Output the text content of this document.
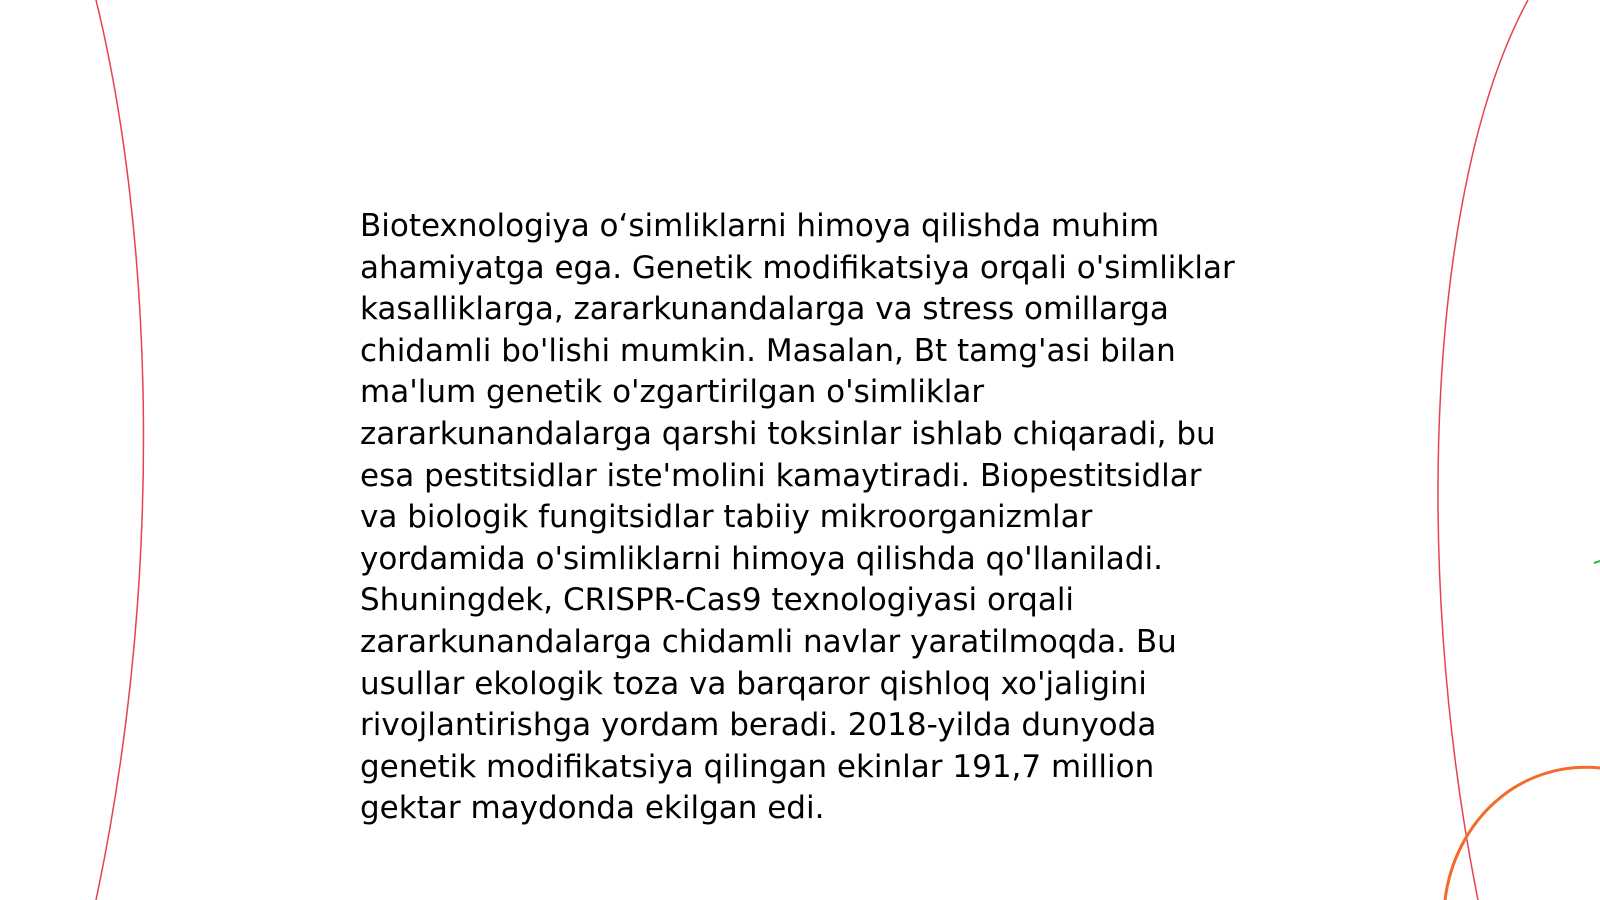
Biotexnologiya o‘simliklarni himoya qilishda muhim ahamiyatga ega. Genetik modifikatsiya orqali o'simliklar kasalliklarga, zararkunandalarga va stress omillarga chidamli bo'lishi mumkin. Masalan, Bt tamg'asi bilan ma'lum genetik o'zgartirilgan o'simliklar zararkunandalarga qarshi toksinlar ishlab chiqaradi, bu esa pestitsidlar iste'molini kamaytiradi. Biopestitsidlar va biologik fungitsidlar tabiiy mikroorganizmlar yordamida o'simliklarni himoya qilishda qo'llaniladi. Shuningdek, CRISPR-Cas9 texnologiyasi orqali zararkunandalarga chidamli navlar yaratilmoqda. Bu usullar ekologik toza va barqaror qishloq xo'jaligini rivojlantirishga yordam beradi. 2018-yilda dunyoda genetik modifikatsiya qilingan ekinlar 191,7 million gektar maydonda ekilgan edi.
